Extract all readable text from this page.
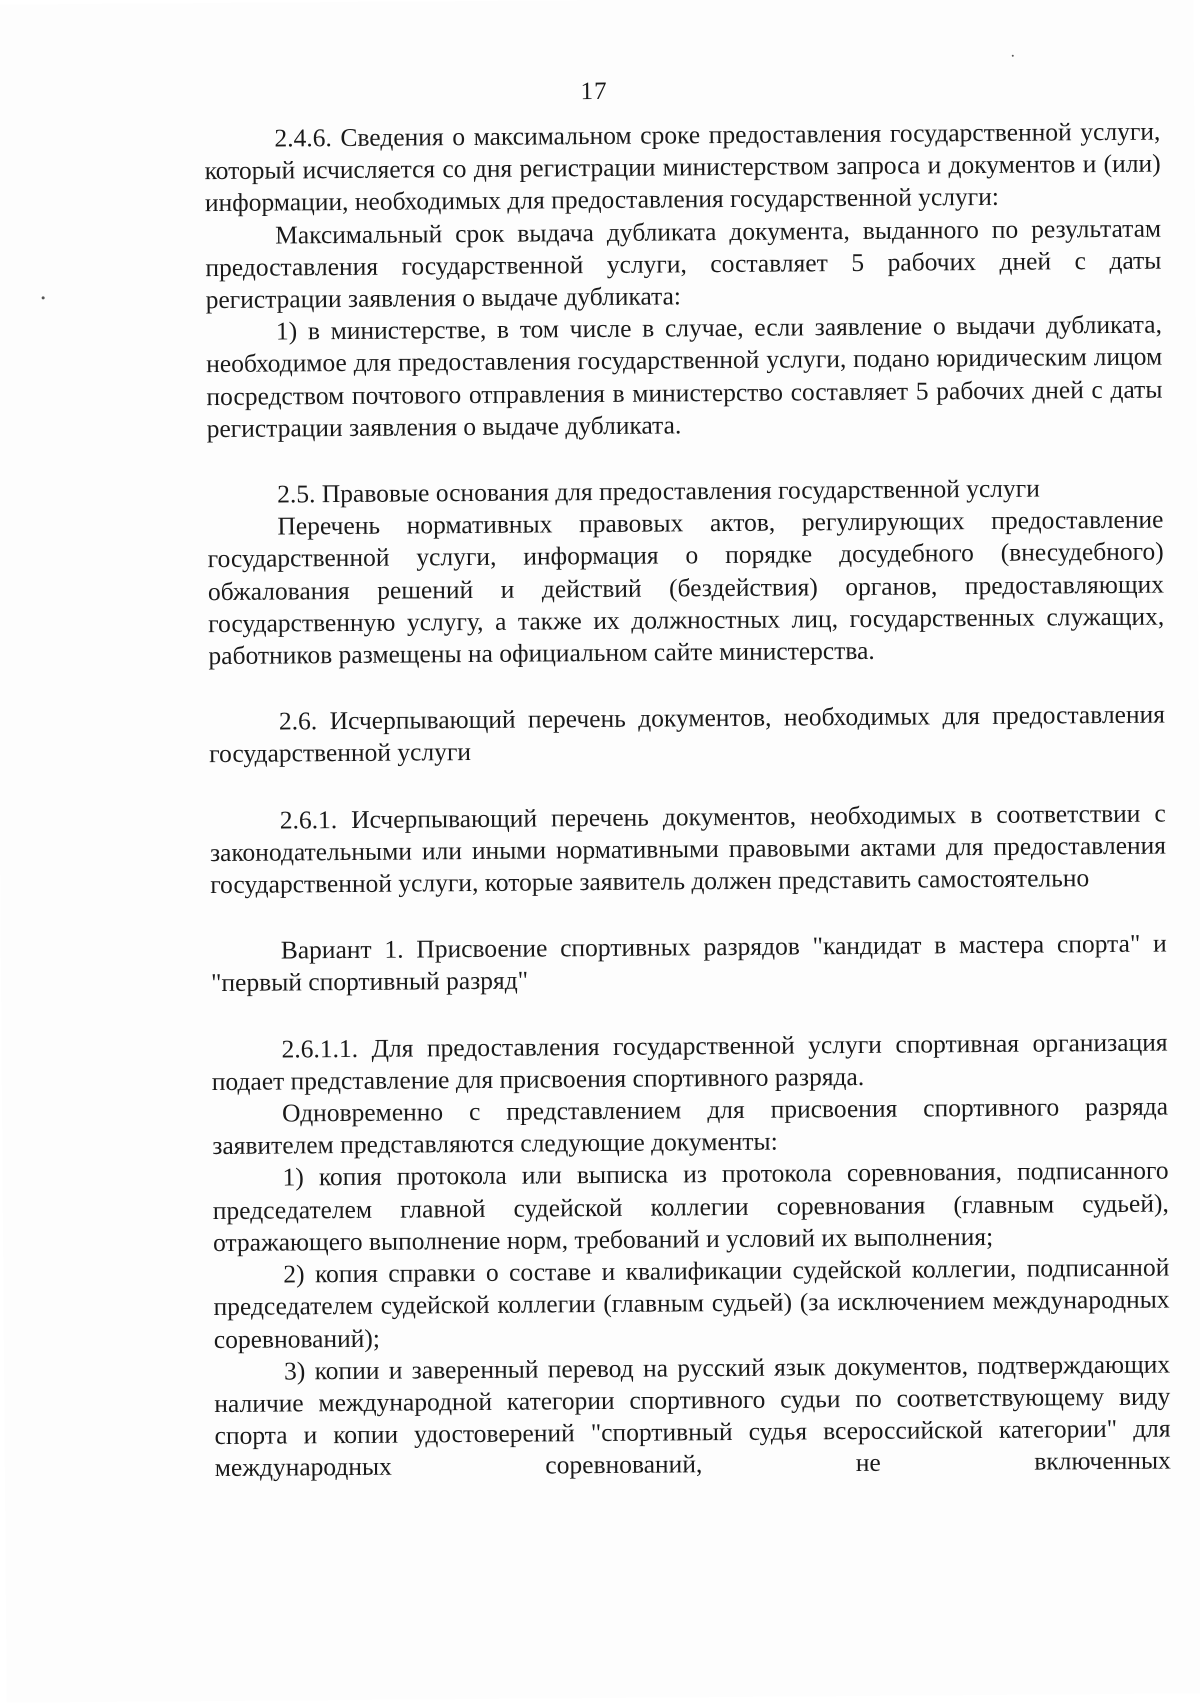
17

2.4.6. Сведения о максимальном сроке предоставления государственной услуги, который исчисляется со дня регистрации министерством запроса и документов и (или) информации, необходимых для предоставления государственной услуги:

Максимальный срок выдача дубликата документа, выданного по результатам предоставления государственной услуги, составляет 5 рабочих дней с даты регистрации заявления о выдаче дубликата:

1) в министерстве, в том числе в случае, если заявление о выдачи дубликата, необходимое для предоставления государственной услуги, подано юридическим лицом посредством почтового отправления в министерство составляет 5 рабочих дней с даты регистрации заявления о выдаче дубликата.

2.5. Правовые основания для предоставления государственной услуги

Перечень нормативных правовых актов, регулирующих предоставление государственной услуги, информация о порядке досудебного (внесудебного) обжалования решений и действий (бездействия) органов, предоставляющих государственную услугу, а также их должностных лиц, государственных служащих, работников размещены на официальном сайте министерства.

2.6. Исчерпывающий перечень документов, необходимых для предоставления государственной услуги

2.6.1. Исчерпывающий перечень документов, необходимых в соответствии с законодательными или иными нормативными правовыми актами для предоставления государственной услуги, которые заявитель должен представить самостоятельно

Вариант 1. Присвоение спортивных разрядов "кандидат в мастера спорта" и "первый спортивный разряд"

2.6.1.1. Для предоставления государственной услуги спортивная организация подает представление для присвоения спортивного разряда.

Одновременно с представлением для присвоения спортивного разряда заявителем представляются следующие документы:

1) копия протокола или выписка из протокола соревнования, подписанного председателем главной судейской коллегии соревнования (главным судьей), отражающего выполнение норм, требований и условий их выполнения;

2) копия справки о составе и квалификации судейской коллегии, подписанной председателем судейской коллегии (главным судьей) (за исключением международных соревнований);

3) копии и заверенный перевод на русский язык документов, подтверждающих наличие международной категории спортивного судьи по соответствующему виду спорта и копии удостоверений "спортивный судья всероссийской категории" для международных соревнований, не включенных
